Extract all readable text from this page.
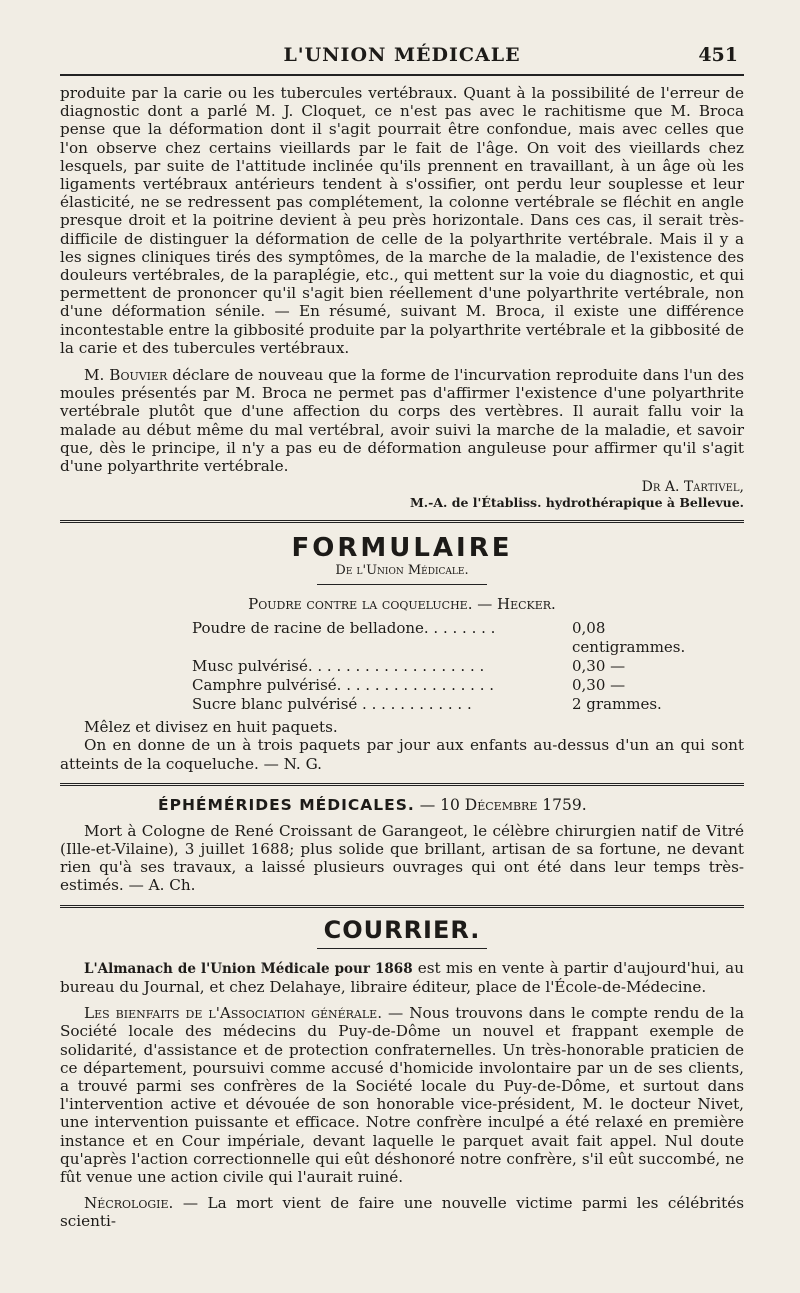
L'UNION MÉDICALE	451

produite par la carie ou les tubercules vertébraux. Quant à la possibilité de l'erreur de diagnostic dont a parlé M. J. Cloquet, ce n'est pas avec le rachitisme que M. Broca pense que la déformation dont il s'agit pourrait être confondue, mais avec celles que l'on observe chez certains vieillards par le fait de l'âge. On voit des vieillards chez lesquels, par suite de l'attitude inclinée qu'ils prennent en travaillant, à un âge où les ligaments vertébraux antérieurs tendent à s'ossifier, ont perdu leur souplesse et leur élasticité, ne se redressent pas complétement, la colonne vertébrale se fléchit en angle presque droit et la poitrine devient à peu près horizontale. Dans ces cas, il serait très-difficile de distinguer la déformation de celle de la polyarthrite vertébrale. Mais il y a les signes cliniques tirés des symptômes, de la marche de la maladie, de l'existence des douleurs vertébrales, de la paraplégie, etc., qui mettent sur la voie du diagnostic, et qui permettent de prononcer qu'il s'agit bien réellement d'une polyarthrite vertébrale, non d'une déformation sénile. — En résumé, suivant M. Broca, il existe une différence incontestable entre la gibbosité produite par la polyarthrite vertébrale et la gibbosité de la carie et des tubercules vertébraux.

M. Bouvier déclare de nouveau que la forme de l'incurvation reproduite dans l'un des moules présentés par M. Broca ne permet pas d'affirmer l'existence d'une polyarthrite vertébrale plutôt que d'une affection du corps des vertèbres. Il aurait fallu voir la malade au début même du mal vertébral, avoir suivi la marche de la maladie, et savoir que, dès le principe, il n'y a pas eu de déformation anguleuse pour affirmer qu'il s'agit d'une polyarthrite vertébrale.

Dr A. Tartivel,
M.-A. de l'Établiss. hydrothérapique à Bellevue.
FORMULAIRE
De l'Union Médicale.
Poudre contre la coqueluche. — Hecker.
Poudre de racine de belladone. . . . . . . .	0,08 centigrammes.
Musc pulvérisé. . . . . . . . . . . . . . . . . . .	0,30 —
Camphre pulvérisé. . . . . . . . . . . . . . . . .	0,30 —
Sucre blanc pulvérisé . . . . . . . . . . . .	2 grammes.

Mêlez et divisez en huit paquets.

On en donne de un à trois paquets par jour aux enfants au-dessus d'un an qui sont atteints de la coqueluche. — N. G.

ÉPHÉMÉRIDES MÉDICALES. — 10 Décembre 1759.

Mort à Cologne de René Croissant de Garangeot, le célèbre chirurgien natif de Vitré (Ille-et-Vilaine), 3 juillet 1688; plus solide que brillant, artisan de sa fortune, ne devant rien qu'à ses travaux, a laissé plusieurs ouvrages qui ont été dans leur temps très-estimés. — A. Ch.

COURRIER.

L'Almanach de l'Union Médicale pour 1868 est mis en vente à partir d'aujourd'hui, au bureau du Journal, et chez Delahaye, libraire éditeur, place de l'École-de-Médecine.

Les bienfaits de l'Association générale. — Nous trouvons dans le compte rendu de la Société locale des médecins du Puy-de-Dôme un nouvel et frappant exemple de solidarité, d'assistance et de protection confraternelles. Un très-honorable praticien de ce département, poursuivi comme accusé d'homicide involontaire par un de ses clients, a trouvé parmi ses confrères de la Société locale du Puy-de-Dôme, et surtout dans l'intervention active et dévouée de son honorable vice-président, M. le docteur Nivet, une intervention puissante et efficace. Notre confrère inculpé a été relaxé en première instance et en Cour impériale, devant laquelle le parquet avait fait appel. Nul doute qu'après l'action correctionnelle qui eût déshonoré notre confrère, s'il eût succombé, ne fût venue une action civile qui l'aurait ruiné.

Nécrologie. — La mort vient de faire une nouvelle victime parmi les célébrités scienti-
